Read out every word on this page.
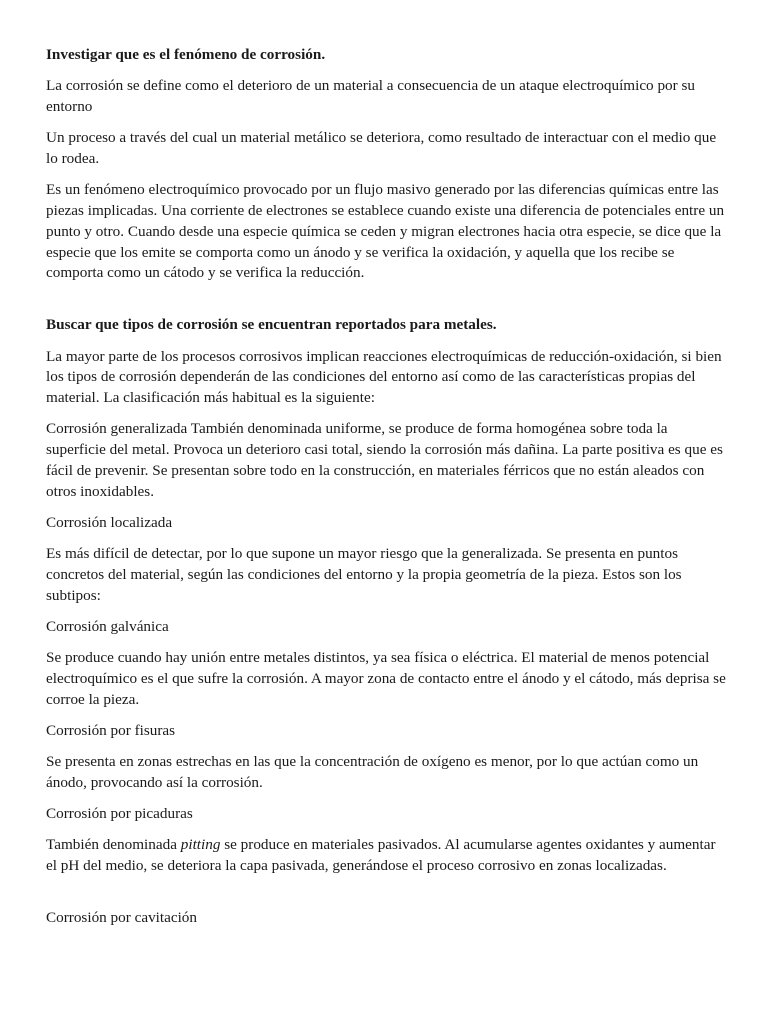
Investigar que es el fenómeno de corrosión.

La corrosión se define como el deterioro de un material a consecuencia de un ataque electroquímico por su entorno

Un proceso a través del cual un material metálico se deteriora, como resultado de interactuar con el medio que lo rodea.

Es un fenómeno electroquímico provocado por un flujo masivo generado por las diferencias químicas entre las piezas implicadas. Una corriente de electrones se establece cuando existe una diferencia de potenciales entre un punto y otro. Cuando desde una especie química se ceden y migran electrones hacia otra especie, se dice que la especie que los emite se comporta como un ánodo y se verifica la oxidación, y aquella que los recibe se comporta como un cátodo y se verifica la reducción.

Buscar que tipos de corrosión se encuentran reportados para metales.

La mayor parte de los procesos corrosivos implican reacciones electroquímicas de reducción-oxidación, si bien los tipos de corrosión dependerán de las condiciones del entorno así como de las características propias del material. La clasificación más habitual es la siguiente:

Corrosión generalizada También denominada uniforme, se produce de forma homogénea sobre toda la superficie del metal. Provoca un deterioro casi total, siendo la corrosión más dañina. La parte positiva es que es fácil de prevenir. Se presentan sobre todo en la construcción, en materiales férricos que no están aleados con otros inoxidables.

Corrosión localizada

Es más difícil de detectar, por lo que supone un mayor riesgo que la generalizada. Se presenta en puntos concretos del material, según las condiciones del entorno y la propia geometría de la pieza. Estos son los subtipos:

Corrosión galvánica

Se produce cuando hay unión entre metales distintos, ya sea física o eléctrica. El material de menos potencial electroquímico es el que sufre la corrosión. A mayor zona de contacto entre el ánodo y el cátodo, más deprisa se corroe la pieza.

Corrosión por fisuras

Se presenta en zonas estrechas en las que la concentración de oxígeno es menor, por lo que actúan como un ánodo, provocando así la corrosión.

Corrosión por picaduras

También denominada pitting se produce en materiales pasivados. Al acumularse agentes oxidantes y aumentar el pH del medio, se deteriora la capa pasivada, generándose el proceso corrosivo en zonas localizadas.

Corrosión por cavitación
